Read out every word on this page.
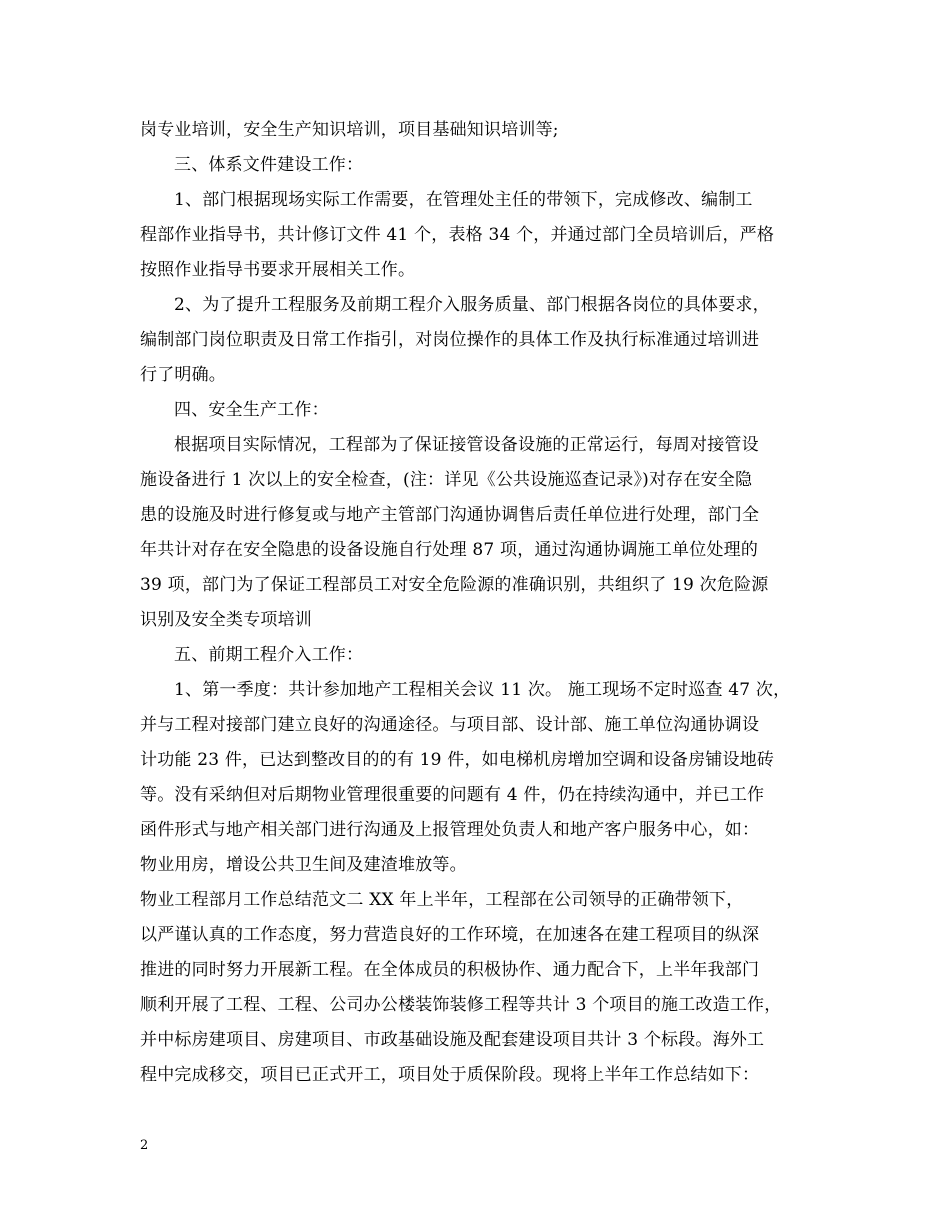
岗专业培训，安全生产知识培训，项目基础知识培训等;
三、体系文件建设工作：
1、部门根据现场实际工作需要，在管理处主任的带领下，完成修改、编制工
程部作业指导书，共计修订文件 41 个，表格 34 个，并通过部门全员培训后，严格
按照作业指导书要求开展相关工作。
2、为了提升工程服务及前期工程介入服务质量、部门根据各岗位的具体要求，
编制部门岗位职责及日常工作指引，对岗位操作的具体工作及执行标准通过培训进
行了明确。
四、安全生产工作：
根据项目实际情况，工程部为了保证接管设备设施的正常运行，每周对接管设
施设备进行 1 次以上的安全检查，(注：详见《公共设施巡查记录》)对存在安全隐
患的设施及时进行修复或与地产主管部门沟通协调售后责任单位进行处理，部门全
年共计对存在安全隐患的设备设施自行处理 87 项，通过沟通协调施工单位处理的
39 项，部门为了保证工程部员工对安全危险源的准确识别，共组织了 19 次危险源
识别及安全类专项培训
五、前期工程介入工作：
1、第一季度：共计参加地产工程相关会议 11 次。 施工现场不定时巡查 47 次，
并与工程对接部门建立良好的沟通途径。与项目部、设计部、施工单位沟通协调设
计功能 23 件，已达到整改目的的有 19 件，如电梯机房增加空调和设备房铺设地砖
等。没有采纳但对后期物业管理很重要的问题有 4 件，仍在持续沟通中，并已工作
函件形式与地产相关部门进行沟通及上报管理处负责人和地产客户服务中心，如：
物业用房，增设公共卫生间及建渣堆放等。
物业工程部月工作总结范文二 XX 年上半年，工程部在公司领导的正确带领下，
以严谨认真的工作态度，努力营造良好的工作环境，在加速各在建工程项目的纵深
推进的同时努力开展新工程。在全体成员的积极协作、通力配合下，上半年我部门
顺利开展了工程、工程、公司办公楼装饰装修工程等共计 3 个项目的施工改造工作，
并中标房建项目、房建项目、市政基础设施及配套建设项目共计 3 个标段。海外工
程中完成移交，项目已正式开工，项目处于质保阶段。现将上半年工作总结如下：
2
